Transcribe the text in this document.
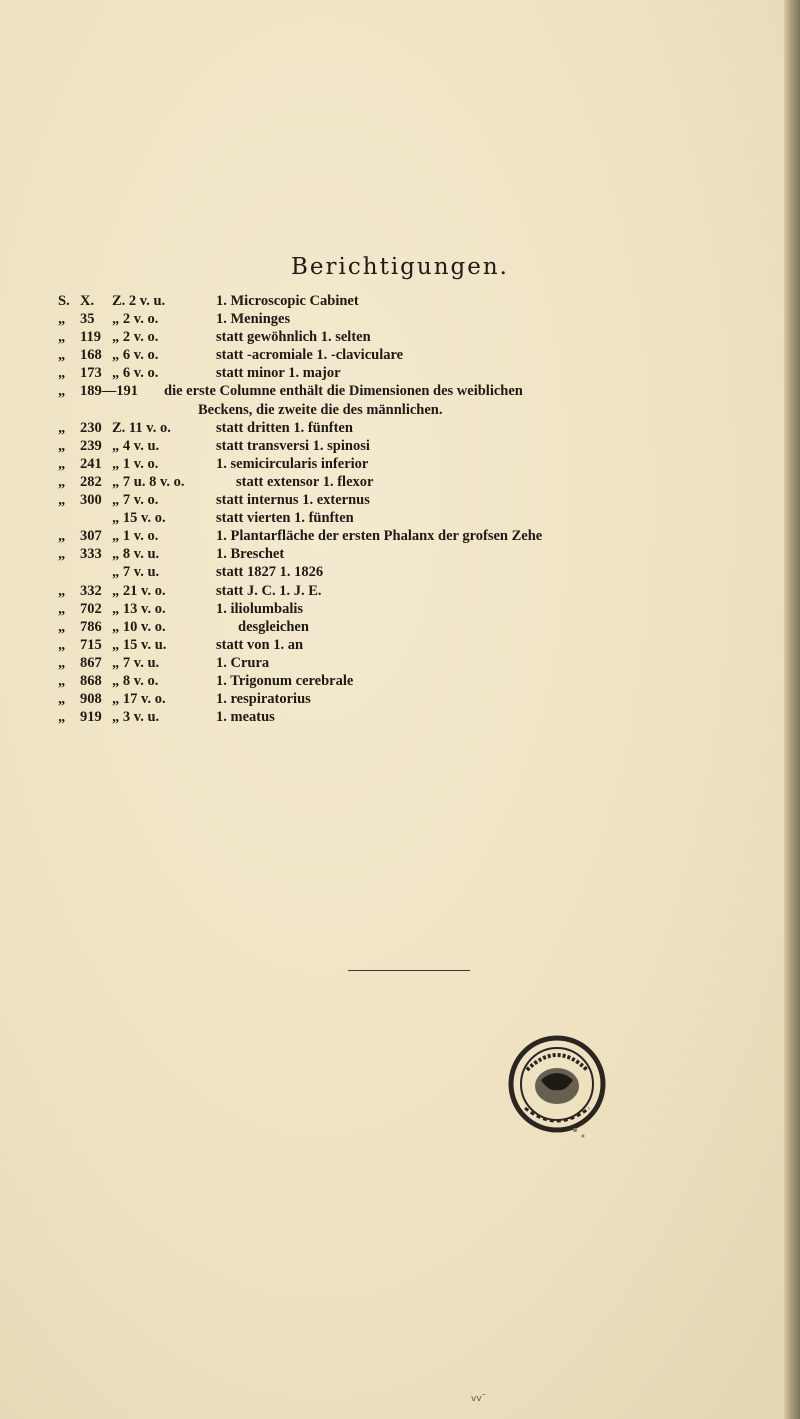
Berichtigungen.
S. X. Z. 2 v. u.	1. Microscopic Cabinet
„ 35 „ 2 v. o.	1. Meninges
„ 119 „ 2 v. o.	statt gewöhnlich 1. selten
„ 168 „ 6 v. o.	statt -acromiale 1. -claviculare
„ 173 „ 6 v. o.	statt minor 1. major
„ 189—191 die erste Columne enthält die Dimensionen des weiblichen
Beckens, die zweite die des männlichen.
„ 230 Z. 11 v. o.	statt dritten 1. fünften
„ 239 „ 4 v. u.	statt transversi 1. spinosi
„ 241 „ 1 v. o.	1. semicircularis inferior
„ 282 „ 7 u. 8 v. o.	statt extensor 1. flexor
„ 300 „ 7 v. o.	statt internus 1. externus
„ 15 v. o.	statt vierten 1. fünften
„ 307 „ 1 v. o.	1. Plantarfläche der ersten Phalanx der grofsen Zehe
„ 333 „ 8 v. u.	1. Breschet
„ 7 v. u.	statt 1827 1. 1826
„ 332 „ 21 v. o.	statt J. C. 1. J. E.
„ 702 „ 13 v. o.	1. iliolumbalis
„ 786 „ 10 v. o.	desgleichen
„ 715 „ 15 v. u.	statt von 1. an
„ 867 „ 7 v. u.	1. Crura
„ 868 „ 8 v. o.	1. Trigonum cerebrale
„ 908 „ 17 v. o.	1. respiratorius
„ 919 „ 3 v. u.	1. meatus
ᴠᴠ˜
